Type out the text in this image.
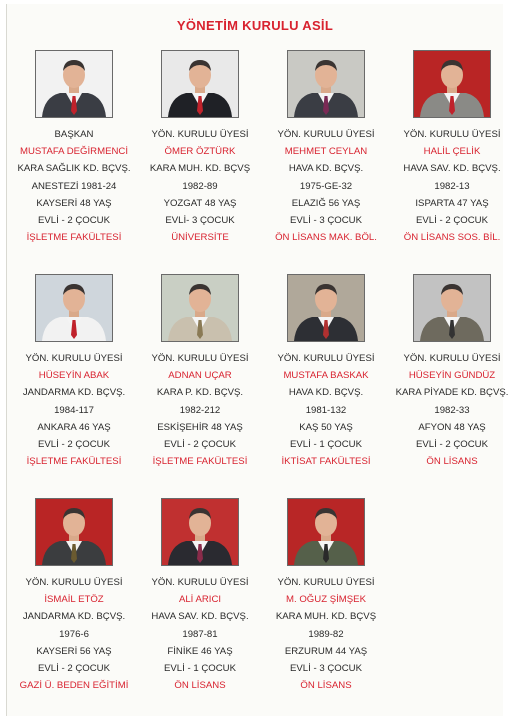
YÖNETİM KURULU ASİL
BAŞKAN
MUSTAFA DEĞİRMENCİ
KARA SAĞLIK KD. BÇVŞ.
ANESTEZİ 1981-24
KAYSERİ 48 YAŞ
EVLİ - 2 ÇOCUK
İŞLETME FAKÜLTESİ
YÖN. KURULU ÜYESİ
ÖMER ÖZTÜRK
KARA MUH. KD. BÇVŞ
1982-89
YOZGAT 48 YAŞ
EVLİ- 3 ÇOCUK
ÜNİVERSİTE
YÖN. KURULU ÜYESİ
MEHMET CEYLAN
HAVA KD. BÇVŞ.
1975-GE-32
ELAZIĞ 56 YAŞ
EVLİ - 3 ÇOCUK
ÖN LİSANS MAK. BÖL.
YÖN. KURULU ÜYESİ
HALİL ÇELİK
HAVA SAV. KD. BÇVŞ.
1982-13
ISPARTA 47 YAŞ
EVLİ - 2 ÇOCUK
ÖN LİSANS SOS. BİL.
YÖN. KURULU ÜYESİ
HÜSEYİN ABAK
JANDARMA KD. BÇVŞ.
1984-117
ANKARA 46 YAŞ
EVLİ - 2 ÇOCUK
İŞLETME FAKÜLTESİ
YÖN. KURULU ÜYESİ
ADNAN UÇAR
KARA P. KD. BÇVŞ.
1982-212
ESKİŞEHİR 48 YAŞ
EVLİ - 2 ÇOCUK
İŞLETME FAKÜLTESİ
YÖN. KURULU ÜYESİ
MUSTAFA BASKAK
HAVA KD. BÇVŞ.
1981-132
KAŞ 50 YAŞ
EVLİ - 1 ÇOCUK
İKTİSAT FAKÜLTESİ
YÖN. KURULU ÜYESİ
HÜSEYİN GÜNDÜZ
KARA PİYADE KD. BÇVŞ.
1982-33
AFYON 48 YAŞ
EVLİ - 2 ÇOCUK
ÖN LİSANS
YÖN. KURULU ÜYESİ
İSMAİL ETÖZ
JANDARMA KD. BÇVŞ.
1976-6
KAYSERİ 56 YAŞ
EVLİ - 2 ÇOCUK
GAZİ Ü. BEDEN EĞİTİMİ
YÖN. KURULU ÜYESİ
ALİ ARICI
HAVA SAV. KD. BÇVŞ.
1987-81
FİNİKE 46 YAŞ
EVLİ - 1 ÇOCUK
ÖN LİSANS
YÖN. KURULU ÜYESİ
M. OĞUZ ŞİMŞEK
KARA MUH. KD. BÇVŞ
1989-82
ERZURUM 44 YAŞ
EVLİ - 3 ÇOCUK
ÖN LİSANS
